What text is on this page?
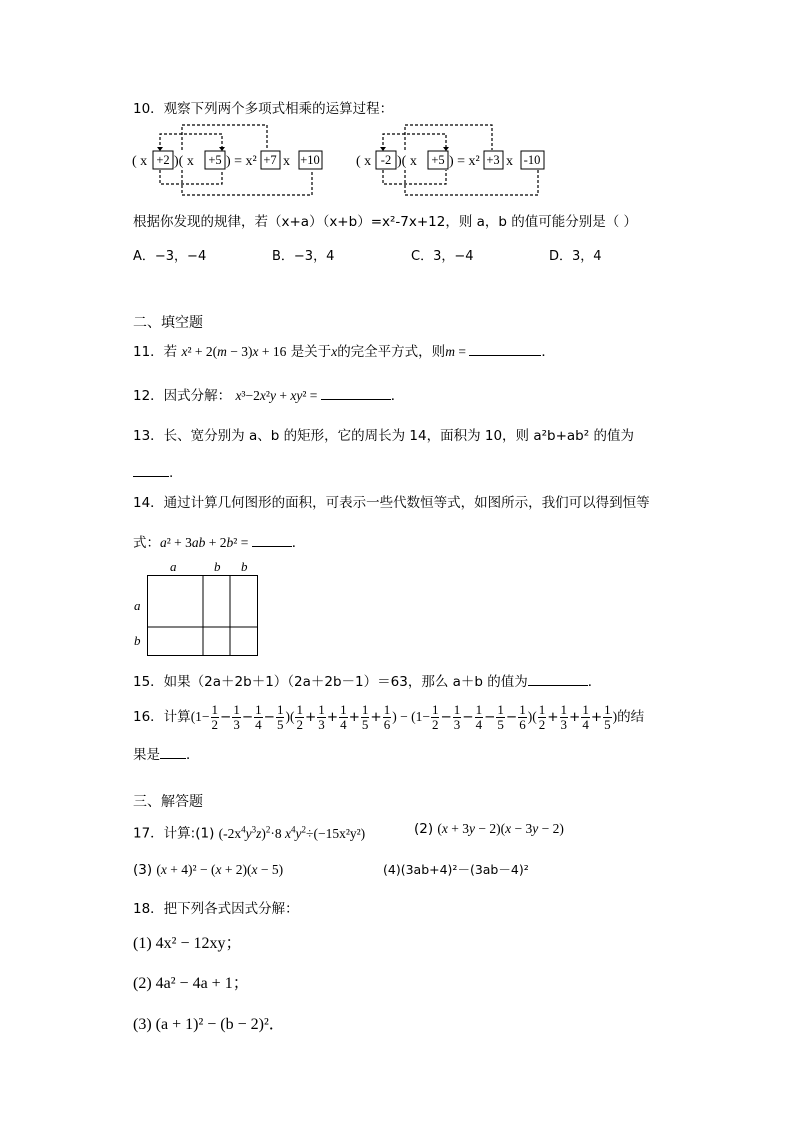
10．观察下列两个多项式相乘的运算过程：
( x )( x ) = x² x	( x )( x ) = x² x
+2	+5	+7 +10	-2	+5	+3 -10
根据你发现的规律，若（x+a）（x+b）=x²-7x+12，则 a，b 的值可能分别是（ ）
A．−3，−4	B．−3，4	C．3，−4	D．3，4
二、填空题
11．若 x² + 2(m − 3)x + 16 是关于x的完全平方式，则m =	．
12．因式分解： x³−2x²y + xy² =	．
13．长、宽分别为 a、b 的矩形，它的周长为 14，面积为 10，则 a²b+ab² 的值为
.
14．通过计算几何图形的面积，可表示一些代数恒等式，如图所示，我们可以得到恒等
式：a² + 3ab + 2b² =	．
a	b b
a
b
15．如果（2a＋2b＋1）（2a＋2b－1）＝63，那么 a＋b 的值为	．
16．计算($1- \frac{1}{2} - \frac{1}{3} - \frac{1}{4} - \frac{1}{5}$ )( $\frac{1}{2} + \frac{1}{3} + \frac{1}{4} + \frac{1}{5} + \frac{1}{6}$ ) − ($1- \frac{1}{2} - \frac{1}{3} - \frac{1}{4} - \frac{1}{5} - \frac{1}{6}$ )( $\frac{1}{2} + \frac{1}{3} + \frac{1}{4} + \frac{1}{5}$ )的结
果是 ．
三、解答题
17．计算:(1) $(-2x^4y^3z)^2\cdot 8$ $x^4y^2\div(-15x^2y^2)$	(2) (x + 3y − 2)(x − 3y − 2)
(3) (x + 4)² − (x + 2)(x − 5)	(4)(3ab+4)²－(3ab－4)²
18．把下列各式因式分解：
(1) 4x² − 12xy；
(2) 4a² − 4a + 1；
(3) (a + 1)² − (b − 2)²．
